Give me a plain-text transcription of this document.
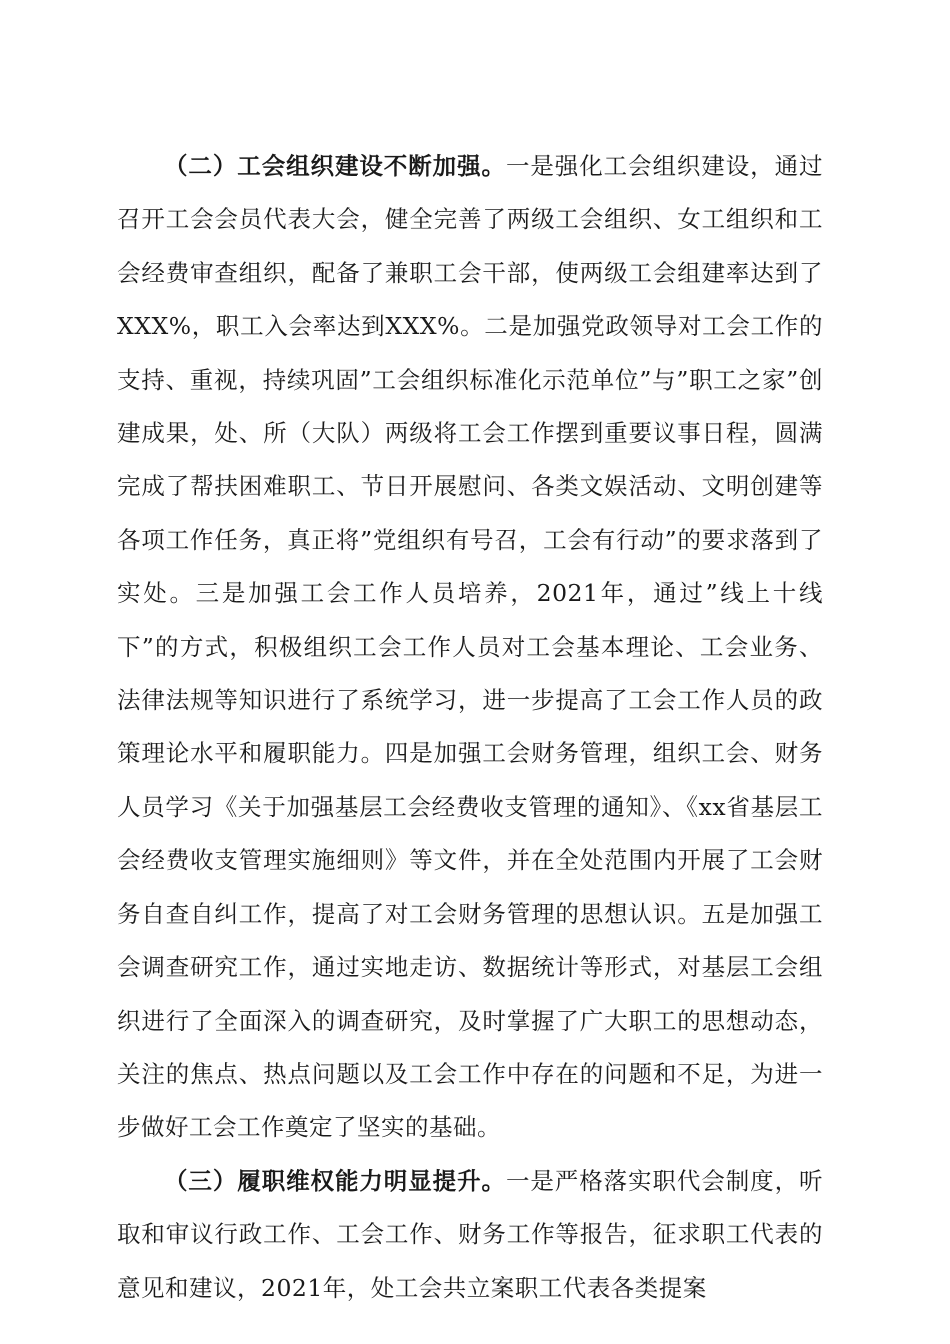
（二）工会组织建设不断加强。一是强化工会组织建设，通过召开工会会员代表大会，健全完善了两级工会组织、女工组织和工会经费审查组织，配备了兼职工会干部，使两级工会组建率达到了XXX%，职工入会率达到XXX%。二是加强党政领导对工会工作的支持、重视，持续巩固”工会组织标准化示范单位”与”职工之家”创建成果，处、所（大队）两级将工会工作摆到重要议事日程，圆满完成了帮扶困难职工、节日开展慰问、各类文娱活动、文明创建等各项工作任务，真正将”党组织有号召，工会有行动”的要求落到了实处。三是加强工会工作人员培养，2021年，通过”线上十线下”的方式，积极组织工会工作人员对工会基本理论、工会业务、法律法规等知识进行了系统学习，进一步提高了工会工作人员的政策理论水平和履职能力。四是加强工会财务管理，组织工会、财务人员学习《关于加强基层工会经费收支管理的通知》、《xx省基层工会经费收支管理实施细则》等文件，并在全处范围内开展了工会财务自查自纠工作，提高了对工会财务管理的思想认识。五是加强工会调查研究工作，通过实地走访、数据统计等形式，对基层工会组织进行了全面深入的调查研究，及时掌握了广大职工的思想动态，关注的焦点、热点问题以及工会工作中存在的问题和不足，为进一步做好工会工作奠定了坚实的基础。

（三）履职维权能力明显提升。一是严格落实职代会制度，听取和审议行政工作、工会工作、财务工作等报告，征求职工代表的意见和建议，2021年，处工会共立案职工代表各类提案
